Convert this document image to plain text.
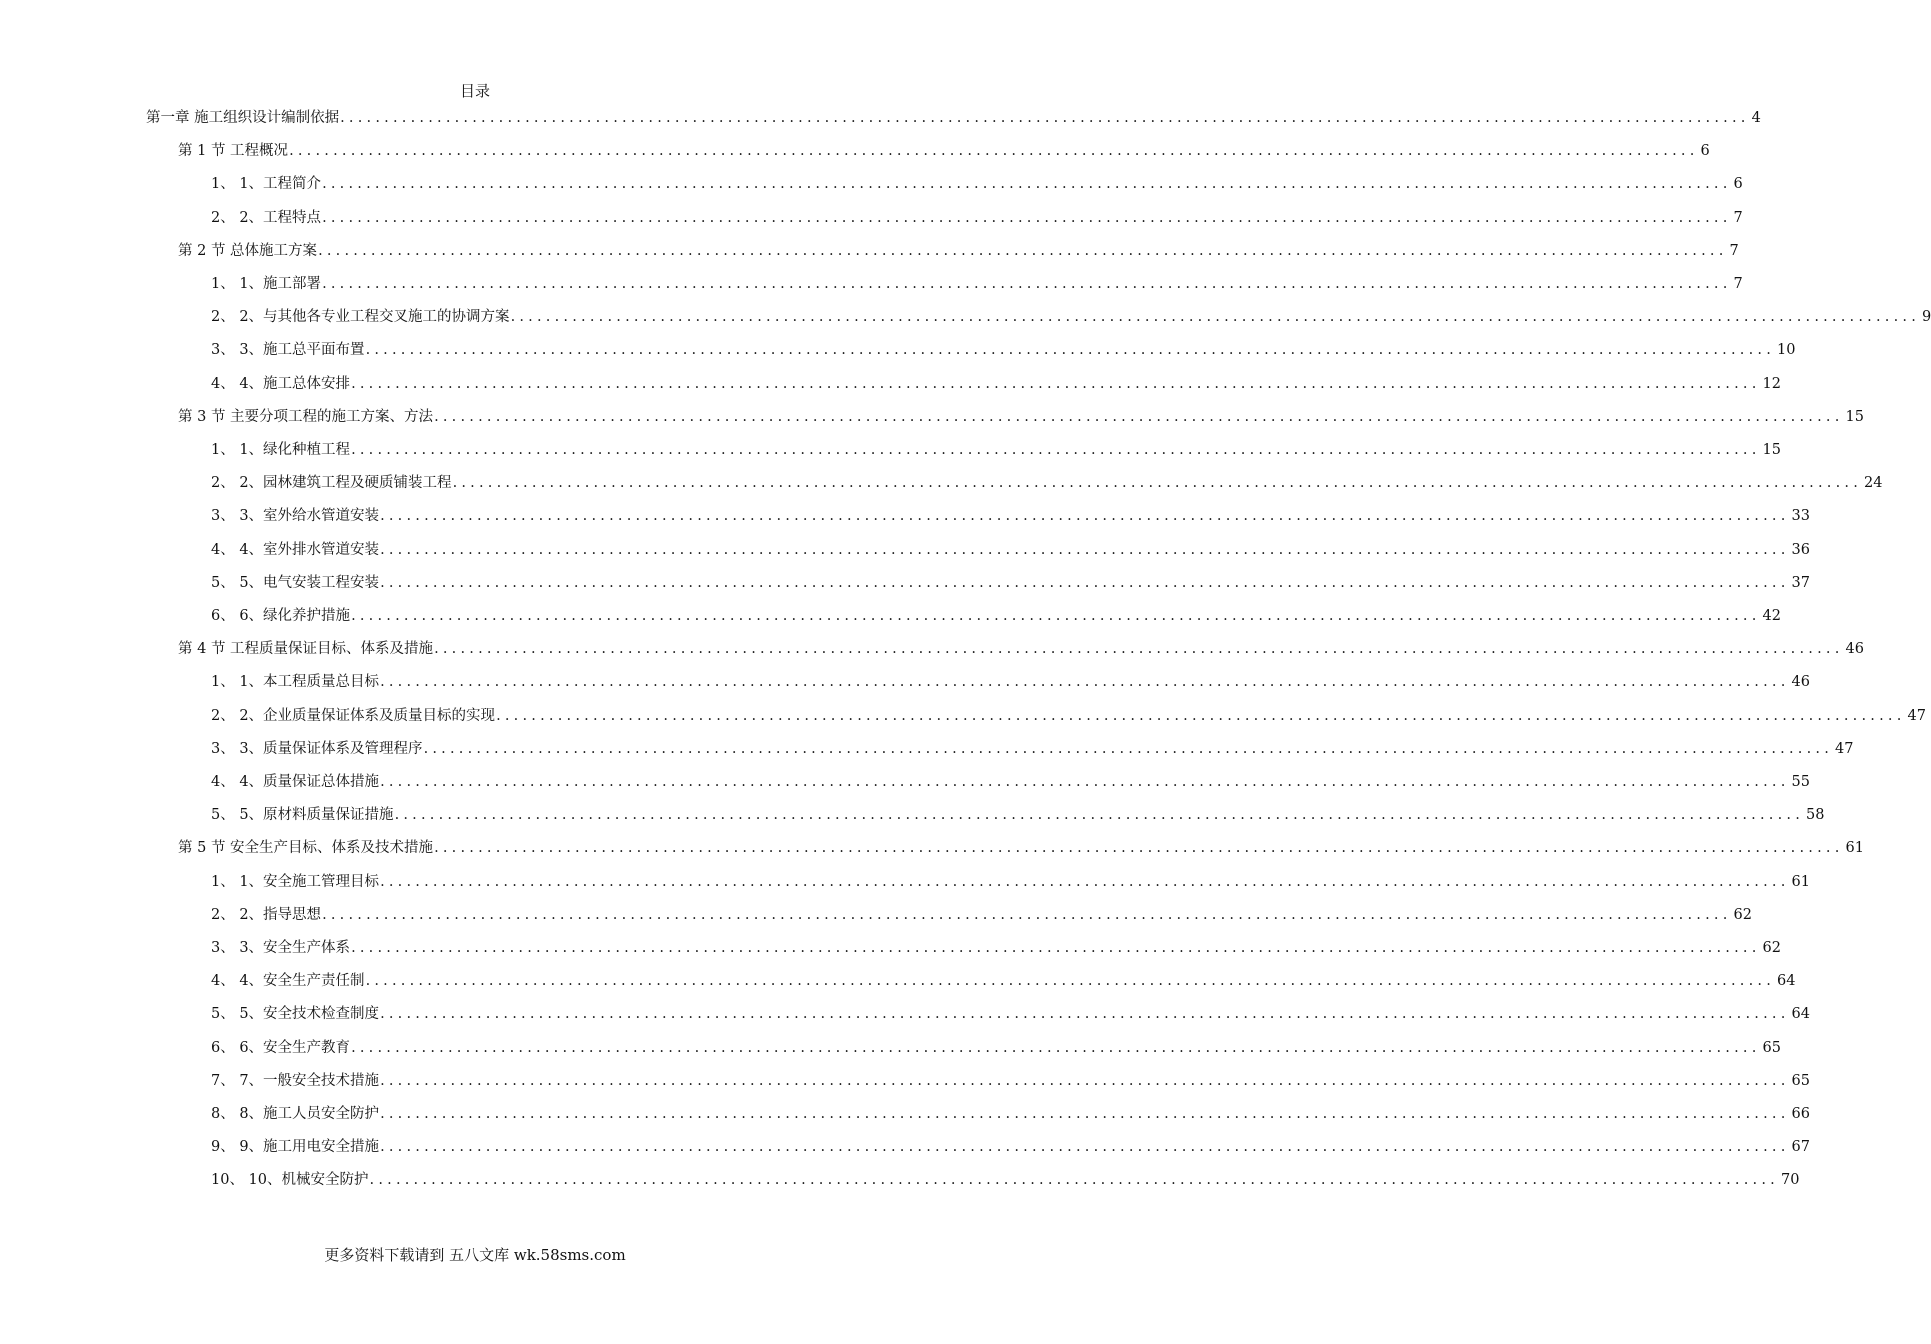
目录
第一章 施工组织设计编制依据 ................................................................................................................................................................ 4
第 1 节 工程概况 ................................................................................................................................................................ 6
1、 1、工程简介 ................................................................................................................................................................ 6
2、 2、工程特点 ................................................................................................................................................................ 7
第 2 节 总体施工方案 ................................................................................................................................................................ 7
1、 1、施工部署 ................................................................................................................................................................ 7
2、 2、与其他各专业工程交叉施工的协调方案 ................................................................................................................................................................ 9
3、 3、施工总平面布置 ................................................................................................................................................................ 10
4、 4、施工总体安排 ................................................................................................................................................................ 12
第 3 节 主要分项工程的施工方案、方法 ................................................................................................................................................................ 15
1、 1、绿化种植工程 ................................................................................................................................................................ 15
2、 2、园林建筑工程及硬质铺装工程 ................................................................................................................................................................ 24
3、 3、室外给水管道安装 ................................................................................................................................................................ 33
4、 4、室外排水管道安装 ................................................................................................................................................................ 36
5、 5、电气安装工程安装 ................................................................................................................................................................ 37
6、 6、绿化养护措施 ................................................................................................................................................................ 42
第 4 节 工程质量保证目标、体系及措施 ................................................................................................................................................................ 46
1、 1、本工程质量总目标 ................................................................................................................................................................ 46
2、 2、企业质量保证体系及质量目标的实现 ................................................................................................................................................................ 47
3、 3、质量保证体系及管理程序 ................................................................................................................................................................ 47
4、 4、质量保证总体措施 ................................................................................................................................................................ 55
5、 5、原材料质量保证措施 ................................................................................................................................................................ 58
第 5 节 安全生产目标、体系及技术措施 ................................................................................................................................................................ 61
1、 1、安全施工管理目标 ................................................................................................................................................................ 61
2、 2、指导思想 ................................................................................................................................................................ 62
3、 3、安全生产体系 ................................................................................................................................................................ 62
4、 4、安全生产责任制 ................................................................................................................................................................ 64
5、 5、安全技术检查制度 ................................................................................................................................................................ 64
6、 6、安全生产教育 ................................................................................................................................................................ 65
7、 7、一般安全技术措施 ................................................................................................................................................................ 65
8、 8、施工人员安全防护 ................................................................................................................................................................ 66
9、 9、施工用电安全措施 ................................................................................................................................................................ 67
10、 10、机械安全防护 ................................................................................................................................................................ 70
更多资料下载请到 五八文库 wk.58sms.com
